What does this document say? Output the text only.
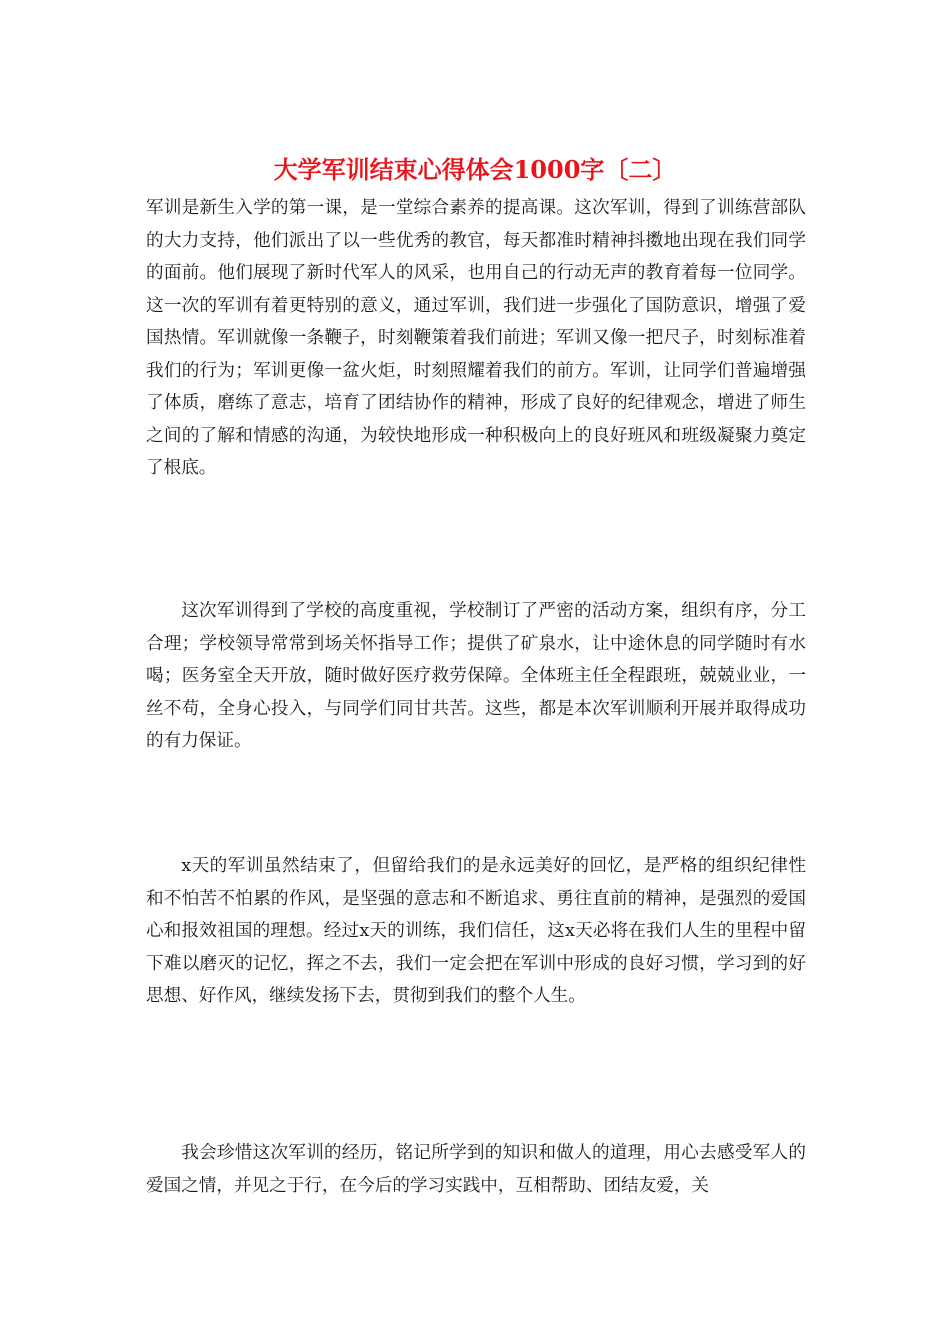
大学军训结束心得体会1000字〔二〕

军训是新生入学的第一课，是一堂综合素养的提高课。这次军训，得到了训练营部队的大力支持，他们派出了以一些优秀的教官，每天都准时精神抖擞地出现在我们同学的面前。他们展现了新时代军人的风采，也用自己的行动无声的教育着每一位同学。这一次的军训有着更特别的意义，通过军训，我们进一步强化了国防意识，增强了爱国热情。军训就像一条鞭子，时刻鞭策着我们前进；军训又像一把尺子，时刻标准着我们的行为；军训更像一盆火炬，时刻照耀着我们的前方。军训，让同学们普遍增强了体质，磨练了意志，培育了团结协作的精神，形成了良好的纪律观念，增进了师生之间的了解和情感的沟通，为较快地形成一种积极向上的良好班风和班级凝聚力奠定了根底。

这次军训得到了学校的高度重视，学校制订了严密的活动方案，组织有序，分工合理；学校领导常常到场关怀指导工作；提供了矿泉水，让中途休息的同学随时有水喝；医务室全天开放，随时做好医疗救劳保障。全体班主任全程跟班，兢兢业业，一丝不苟，全身心投入，与同学们同甘共苦。这些，都是本次军训顺利开展并取得成功的有力保证。

x天的军训虽然结束了，但留给我们的是永远美好的回忆，是严格的组织纪律性和不怕苦不怕累的作风，是坚强的意志和不断追求、勇往直前的精神，是强烈的爱国心和报效祖国的理想。经过x天的训练，我们信任，这x天必将在我们人生的里程中留下难以磨灭的记忆，挥之不去，我们一定会把在军训中形成的良好习惯，学习到的好思想、好作风，继续发扬下去，贯彻到我们的整个人生。

我会珍惜这次军训的经历，铭记所学到的知识和做人的道理，用心去感受军人的爱国之情，并见之于行，在今后的学习实践中，互相帮助、团结友爱，关
